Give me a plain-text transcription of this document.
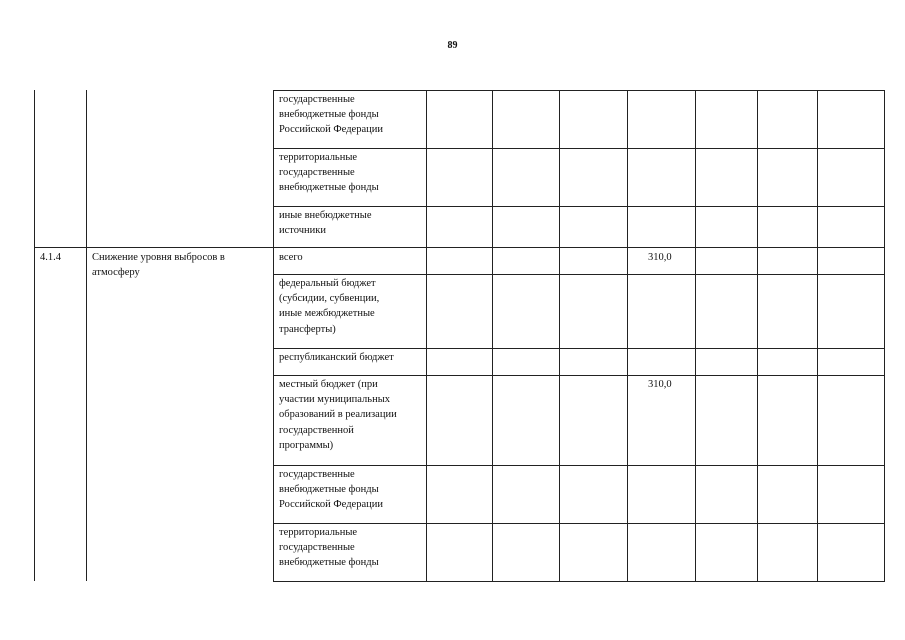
89
4.1.4	Снижение уровня выбросов в
атмосферу
государственные
внебюджетные фонды
Российской Федерации
территориальные
государственные
внебюджетные фонды
иные внебюджетные
источники
всего
федеральный бюджет
(субсидии, субвенции,
иные межбюджетные
трансферты)
республиканский бюджет
местный бюджет (при
участии муниципальных
образований в реализации
государственной
программы)
государственные
внебюджетные фонды
Российской Федерации
территориальные
государственные
внебюджетные фонды
310,0
310,0
